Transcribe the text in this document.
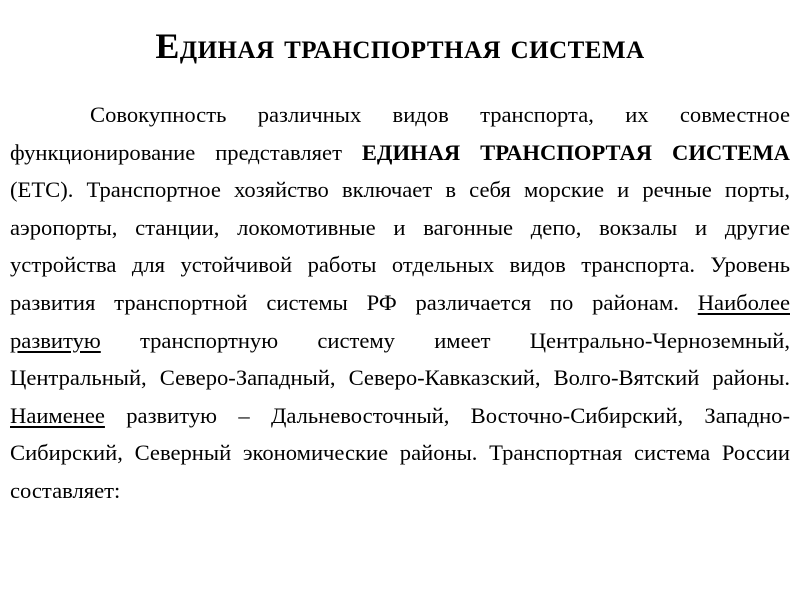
Единая транспортная система

Совокупность различных видов транспорта, их совместное функционирование представляет ЕДИНАЯ ТРАНСПОРТАЯ СИСТЕМА (ЕТС). Транспортное хозяйство включает в себя морские и речные порты, аэропорты, станции, локомотивные и вагонные депо, вокзалы и другие устройства для устойчивой работы отдельных видов транспорта. Уровень развития транспортной системы РФ различается по районам. Наиболее развитую транспортную систему имеет Центрально-Черноземный, Центральный, Северо-Западный, Северо-Кавказский, Волго-Вятский районы. Наименее развитую – Дальневосточный, Восточно-Сибирский, Западно-Сибирский, Северный экономические районы. Транспортная система России составляет:
